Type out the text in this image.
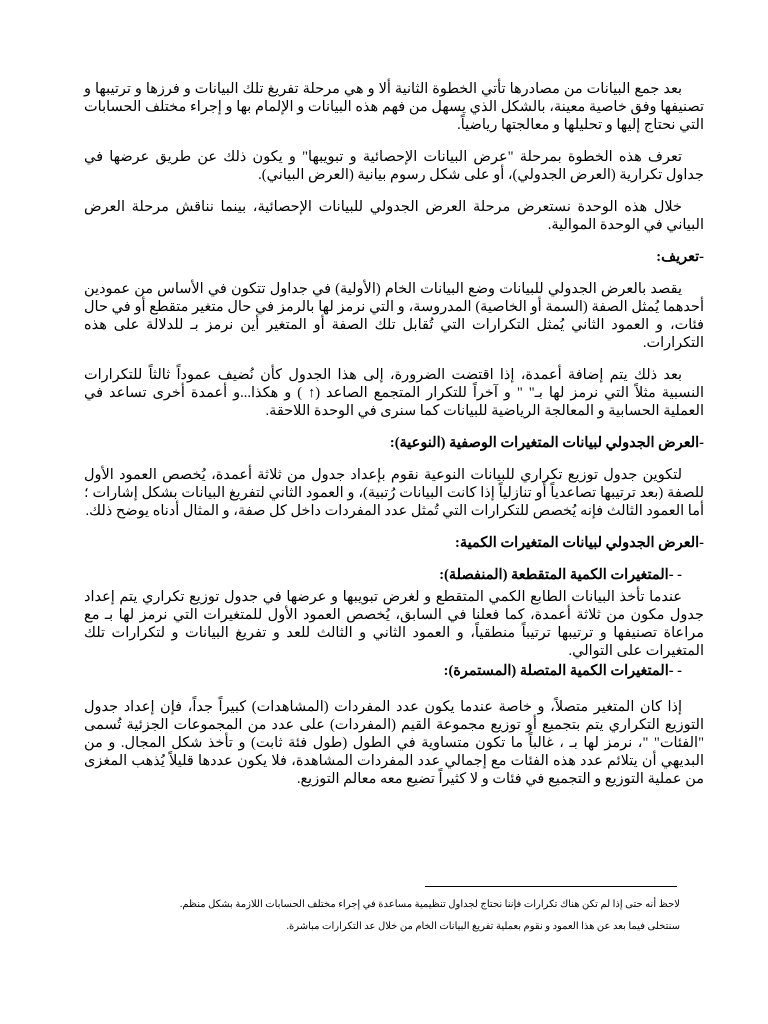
بعد جمع البيانات من مصادرها تأتي الخطوة الثانية ألا و هي مرحلة تفريغ تلك البيانات و فرزها و ترتيبها و تصنيفها وفق خاصية معينة، بالشكل الذي يسهل من فهم هذه البيانات و الإلمام بها و إجراء مختلف الحسابات التي نحتاج إليها و تحليلها و معالجتها رياضياً.

تعرف هذه الخطوة بمرحلة "عرض البيانات الإحصائية و تبويبها" و يكون ذلك عن طريق عرضها في جداول تكرارية (العرض الجدولي)، أو على شكل رسوم بيانية (العرض البياني).

خلال هذه الوحدة نستعرض مرحلة العرض الجدولي للبيانات الإحصائية، بينما نناقش مرحلة العرض البياني في الوحدة الموالية.

-تعريف:

يقصد بالعرض الجدولي للبيانات وضع البيانات الخام (الأولية) في جداول تتكون في الأساس من عمودين أحدهما يُمثل الصفة (السمة أو الخاصية) المدروسة، و التي نرمز لها بالرمز في حال متغير متقطع أو في حال فئات، و العمود الثاني يُمثل التكرارات التي تُقابل تلك الصفة أو المتغير أين نرمز بـ للدلالة على هذه التكرارات.

بعد ذلك يتم إضافة أعمدة، إذا اقتضت الضرورة، إلى هذا الجدول كأن نُضيف عموداً ثالثاً للتكرارات النسبية مثلاً التي نرمز لها بـ" " و آخراً للتكرار المتجمع الصاعد (↑ ) و هكذا...و أعمدة أخرى تساعد في العملية الحسابية و المعالجة الرياضية للبيانات كما سنرى في الوحدة اللاحقة.

-العرض الجدولي لبيانات المتغيرات الوصفية (النوعية):

لتكوين جدول توزيع تكراري للبيانات النوعية نقوم بإعداد جدول من ثلاثة أعمدة، يُخصص العمود الأول للصفة (بعد ترتيبها تصاعدياً أو تنازلياً إذا كانت البيانات رُتبية)، و العمود الثاني لتفريغ البيانات بشكل إشارات ؛ أما العمود الثالث فإنه يُخصص للتكرارات التي تُمثل عدد المفردات داخل كل صفة، و المثال أدناه يوضح ذلك.

-العرض الجدولي لبيانات المتغيرات الكمية:

- -المتغيرات الكمية المتقطعة (المنفصلة):

عندما تأخذ البيانات الطابع الكمي المتقطع و لغرض تبويبها و عرضها في جدول توزيع تكراري يتم إعداد جدول مكون من ثلاثة أعمدة، كما فعلنا في السابق، يُخصص العمود الأول للمتغيرات التي نرمز لها بـ مع مراعاة تصنيفها و ترتيبها ترتيباً منطقياً، و العمود الثاني و الثالث للعد و تفريغ البيانات و لتكرارات تلك المتغيرات على التوالي.

- -المتغيرات الكمية المتصلة (المستمرة):

إذا كان المتغير متصلاً، و خاصة عندما يكون عدد المفردات (المشاهدات) كبيراً جداً، فإن إعداد جدول التوزيع التكراري يتم بتجميع أو توزيع مجموعة القيم (المفردات) على عدد من المجموعات الجزئية تُسمى "الفئات" "، نرمز لها بـ ، غالباً ما تكون متساوية في الطول (طول فئة ثابت) و تأخذ شكل المجال. و من البديهي أن يتلائم عدد هذه الفئات مع إجمالي عدد المفردات المشاهدة، فلا يكون عددها قليلاً يُذهب المغزى من عملية التوزيع و التجميع في فئات و لا كثيراً تضيع معه معالم التوزيع.

لاحظ أنه حتى إذا لم تكن هناك تكرارات فإننا نحتاج لجداول تنظيمية مساعدة في إجراء مختلف الحسابات اللازمة بشكل منظم.

سنتخلى فيما بعد عن هذا العمود و نقوم بعملية تفريغ البيانات الخام من خلال عد التكرارات مباشرة.
